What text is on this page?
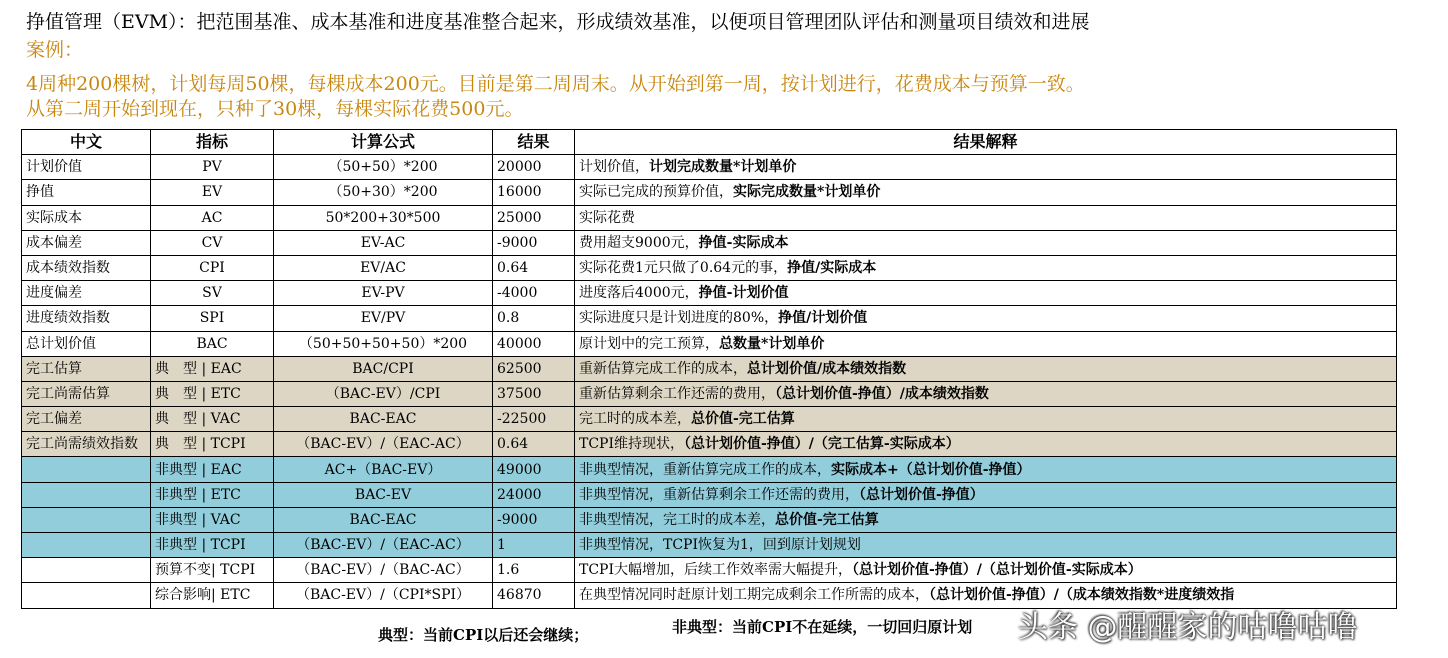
挣值管理（EVM）：把范围基准、成本基准和进度基准整合起来，形成绩效基准，以便项目管理团队评估和测量项目绩效和进展
案例：
4周种200棵树，计划每周50棵，每棵成本200元。目前是第二周周末。从开始到第一周，按计划进行，花费成本与预算一致。
从第二周开始到现在，只种了30棵，每棵实际花费500元。
中文	指标	计算公式	结果	结果解释
计划价值	PV	（50+50）*200	20000	计划价值，计划完成数量*计划单价
挣值	EV	（50+30）*200	16000	实际已完成的预算价值，实际完成数量*计划单价
实际成本	AC	50*200+30*500	25000	实际花费
成本偏差	CV	EV-AC	-9000	费用超支9000元，挣值-实际成本
成本绩效指数	CPI	EV/AC	0.64	实际花费1元只做了0.64元的事，挣值/实际成本
进度偏差	SV	EV-PV	-4000	进度落后4000元，挣值-计划价值
进度绩效指数	SPI	EV/PV	0.8	实际进度只是计划进度的80%，挣值/计划价值
总计划价值	BAC	（50+50+50+50）*200	40000	原计划中的完工预算，总数量*计划单价
完工估算	典　型 | EAC	BAC/CPI	62500	重新估算完成工作的成本，总计划价值/成本绩效指数
完工尚需估算	典　型 | ETC	（BAC-EV）/CPI	37500	重新估算剩余工作还需的费用，（总计划价值-挣值）/成本绩效指数
完工偏差	典　型 | VAC	BAC-EAC	-22500	完工时的成本差，总价值-完工估算
完工尚需绩效指数	典　型 | TCPI	（BAC-EV）/（EAC-AC）	0.64	TCPI维持现状，（总计划价值-挣值）/（完工估算-实际成本）
	非典型 | EAC	AC+（BAC-EV）	49000	非典型情况，重新估算完成工作的成本，实际成本+（总计划价值-挣值）
	非典型 | ETC	BAC-EV	24000	非典型情况，重新估算剩余工作还需的费用，（总计划价值-挣值）
	非典型 | VAC	BAC-EAC	-9000	非典型情况，完工时的成本差，总价值-完工估算
	非典型 | TCPI	（BAC-EV）/（EAC-AC）	1	非典型情况，TCPI恢复为1，回到原计划规划
	预算不变| TCPI	（BAC-EV）/（BAC-AC）	1.6	TCPI大幅增加，后续工作效率需大幅提升，（总计划价值-挣值）/（总计划价值-实际成本）
	综合影响| ETC	（BAC-EV）/（CPI*SPI）	46870	在典型情况同时赶原计划工期完成剩余工作所需的成本，（总计划价值-挣值）/（成本绩效指数*进度绩效指
典型：当前CPI以后还会继续；	非典型：当前CPI不在延续，一切回归原计划 头条 @醒醒家的咕噜咕噜
